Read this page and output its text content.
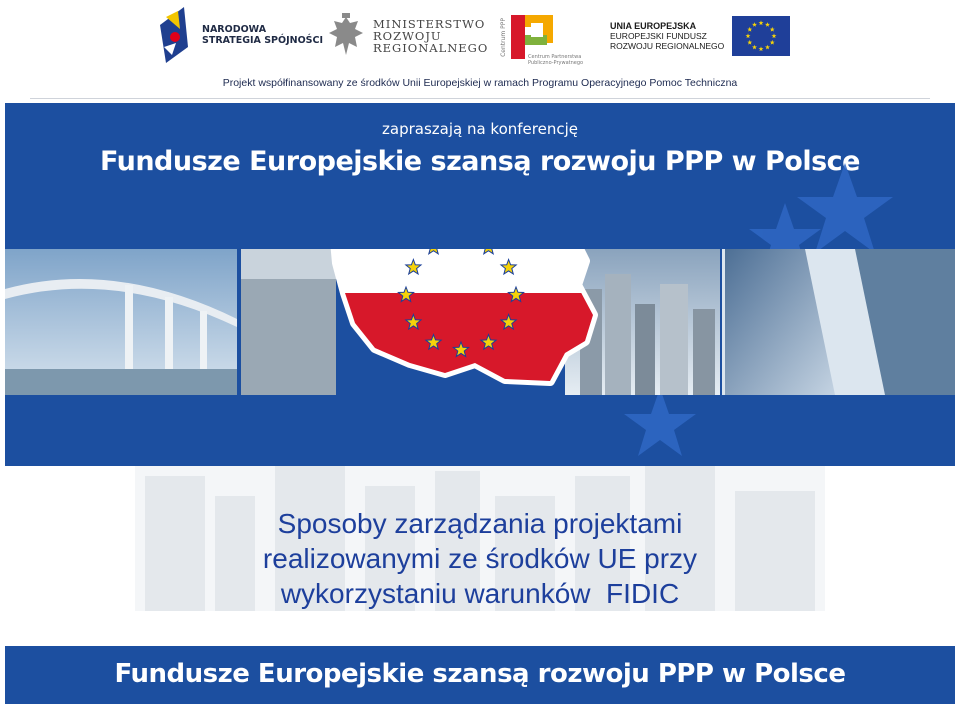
NARODOWA
STRATEGIA SPÓJNOŚCI
MINISTERSTWO
ROZWOJU
REGIONALNEGO Centrum PPP
Centrum Partnerstwa Publiczno-Prywatnego
UNIA EUROPEJSKA
EUROPEJSKI FUNDUSZ
ROZWOJU REGIONALNEGO
Projekt współfinansowany ze środków Unii Europejskiej w ramach Programu Operacyjnego Pomoc Techniczna
zapraszają na konferencję
Fundusze Europejskie szansą rozwoju PPP w Polsce
Sposoby zarządzania projektami
realizowanymi ze środków UE przy
wykorzystaniu warunków  FIDIC
Fundusze Europejskie szansą rozwoju PPP w Polsce
